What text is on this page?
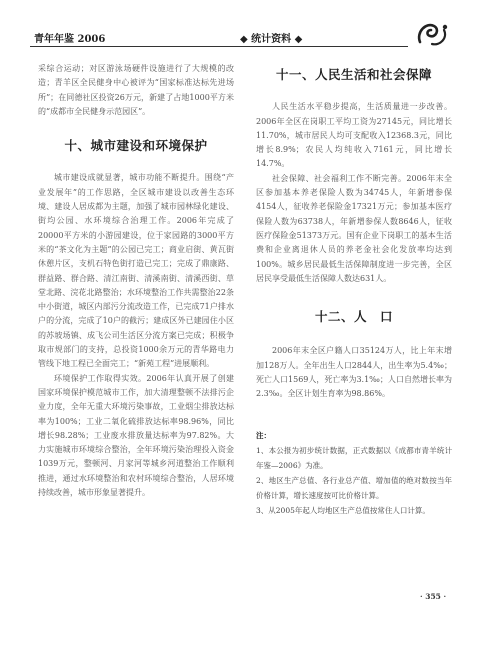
青年年鉴 2006	◆ 统计资料 ◆

采综合运动；对区游泳场硬件设施进行了大规模的改造；青羊区全民健身中心被评为“国家标准达标先进场所”；在同德社区投资26万元，新建了占地1000平方米的“成都市全民健身示范园区”。

十、城市建设和环境保护

城市建设成就显著，城市功能不断提升。围绕“产业发展年”的工作思路，全区城市建设以改善生态环境、建设人居成都为主题，加强了城市园林绿化建设、街均公园、水环境综合治理工作。2006年完成了20000平方米的小游园建设，位于家园路的3000平方米的“茶文化为主题”的公园已完工；商业启街、黄瓦街休憩片区，支机石特色街打造已完工；完成了鼎康路、群益路、群合路、清江南街、清溪南街、清溪西街、草堂北路、浣花北路整治；水环境整治工作共需整治22条中小街道，城区内部污分流改造工作，已完成71户排水户的分流，完成了10户的截污；建成区外已建园住小区的苏坡场镇、成飞公司生活区分流方案已完成；积极争取市规部门的支持，总投资1000余万元的青华路电力管线下地工程已全面完工；“新苑工程”进展顺利。

环境保护工作取得实效。2006年认真开展了创建国家环境保护模范城市工作，加大清理整顿不法排污企业力度，全年无重大环境污染事故，工业烟尘排放达标率为100%；工业二氧化硫排放达标率98.96%，同比增长98.28%；工业废水排放量达标率为97.82%。大力实施城市环境综合整治，全年环境污染治理投入资金1039万元，整顿河、月家河等城乡河道整治工作顺利推进，通过水环境整治和农村环境综合整治，人居环境持续改善，城市形象显著提升。

十一、人民生活和社会保障

人民生活水平稳步提高，生活质量进一步改善。2006年全区在岗职工平均工资为27145元，同比增长11.70%，城市居民人均可支配收入12368.3元，同比增长8.9%；农民人均纯收入7161元，同比增长14.7%。

社会保障、社会福利工作不断完善。2006年末全区参加基本养老保险人数为34745人，年新增参保4154人，征收养老保险金17321万元；参加基本医疗保险人数为63738人，年新增参保人数8646人，征收医疗保险金51373万元。国有企业下岗职工的基本生活费和企业离退休人员的养老金社会化发放率均达到100%。城乡居民最低生活保障制度进一步完善，全区居民享受最低生活保障人数达631人。

十二、人　口

2006年末全区户籍人口35124万人，比上年末增加128万人。全年出生人口2844人，出生率为5.4‰；死亡人口1569人，死亡率为3.1‰；人口自然增长率为2.3‰。全区计划生育率为98.86%。

注：

1、本公报为初步统计数据，正式数据以《成都市青羊统计年鉴—2006》为准。

2、地区生产总值、各行业总产值、增加值的绝对数按当年价格计算，增长速度按可比价格计算。

3、从2005年起人均地区生产总值按常住人口计算。

· 355 ·
